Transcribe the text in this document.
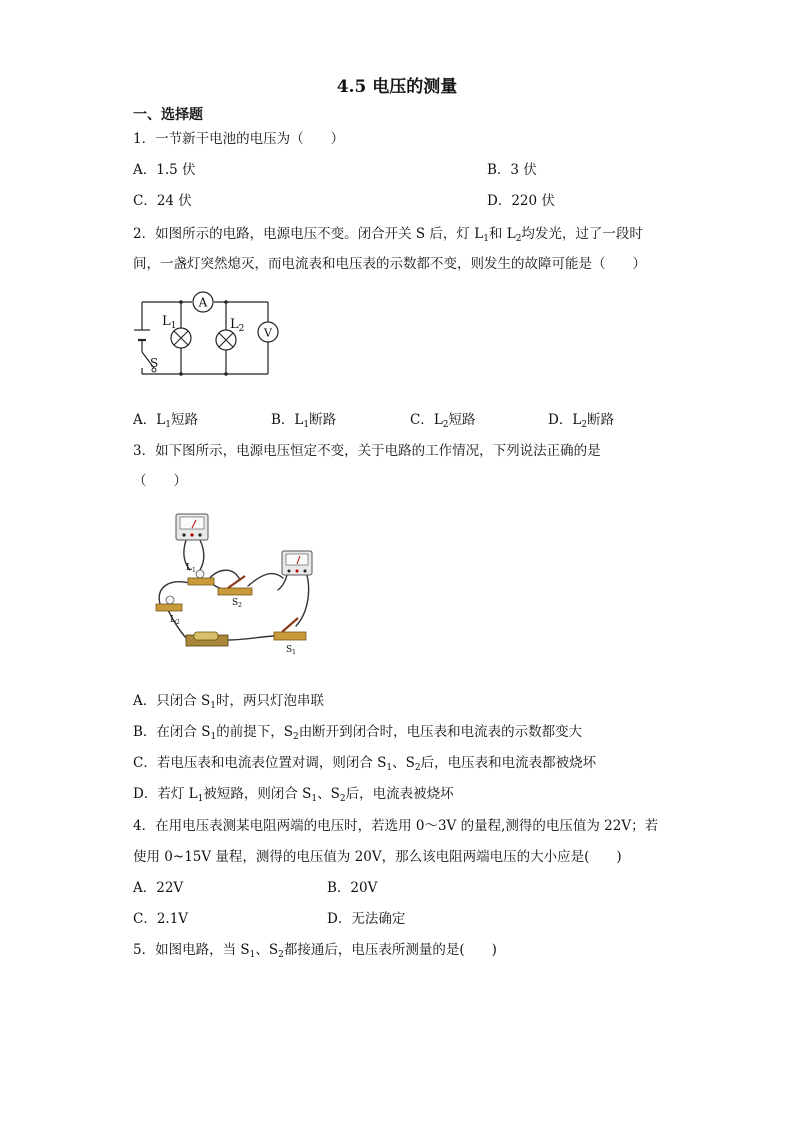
4.5 电压的测量
一、选择题
1．一节新干电池的电压为（　　）
A．1.5 伏	B．3 伏
C．24 伏	D．220 伏
2．如图所示的电路，电源电压不变。闭合开关 S 后，灯 $L_1$和 $L_2$均发光，过了一段时
间，一盏灯突然熄灭，而电流表和电压表的示数都不变，则发生的故障可能是（　　）
A
V
$L_1$	$L_2$
S
A．$L_1$短路	B．$L_1$断路	C．$L_2$短路	D．$L_2$断路
3．如下图所示，电源电压恒定不变，关于电路的工作情况，下列说法正确的是
（　　）
$L_1$
$S_2$
$L_2$
$S_1$
A．只闭合 $S_1$时，两只灯泡串联
B．在闭合 $S_1$的前提下，$S_2$由断开到闭合时，电压表和电流表的示数都变大
C．若电压表和电流表位置对调，则闭合 $S_1$、$S_2$后，电压表和电流表都被烧坏
D．若灯 $L_1$被短路，则闭合 $S_1$、$S_2$后，电流表被烧坏
4．在用电压表测某电阻两端的电压时，若选用 0～3V 的量程,测得的电压值为 22V；若
使用 0~15V 量程，测得的电压值为 20V，那么该电阻两端电压的大小应是(　　)
A．22V	B．20V
C．2.1V	D．无法确定
5．如图电路，当 $S_1$、$S_2$都接通后，电压表所测量的是(　　)
